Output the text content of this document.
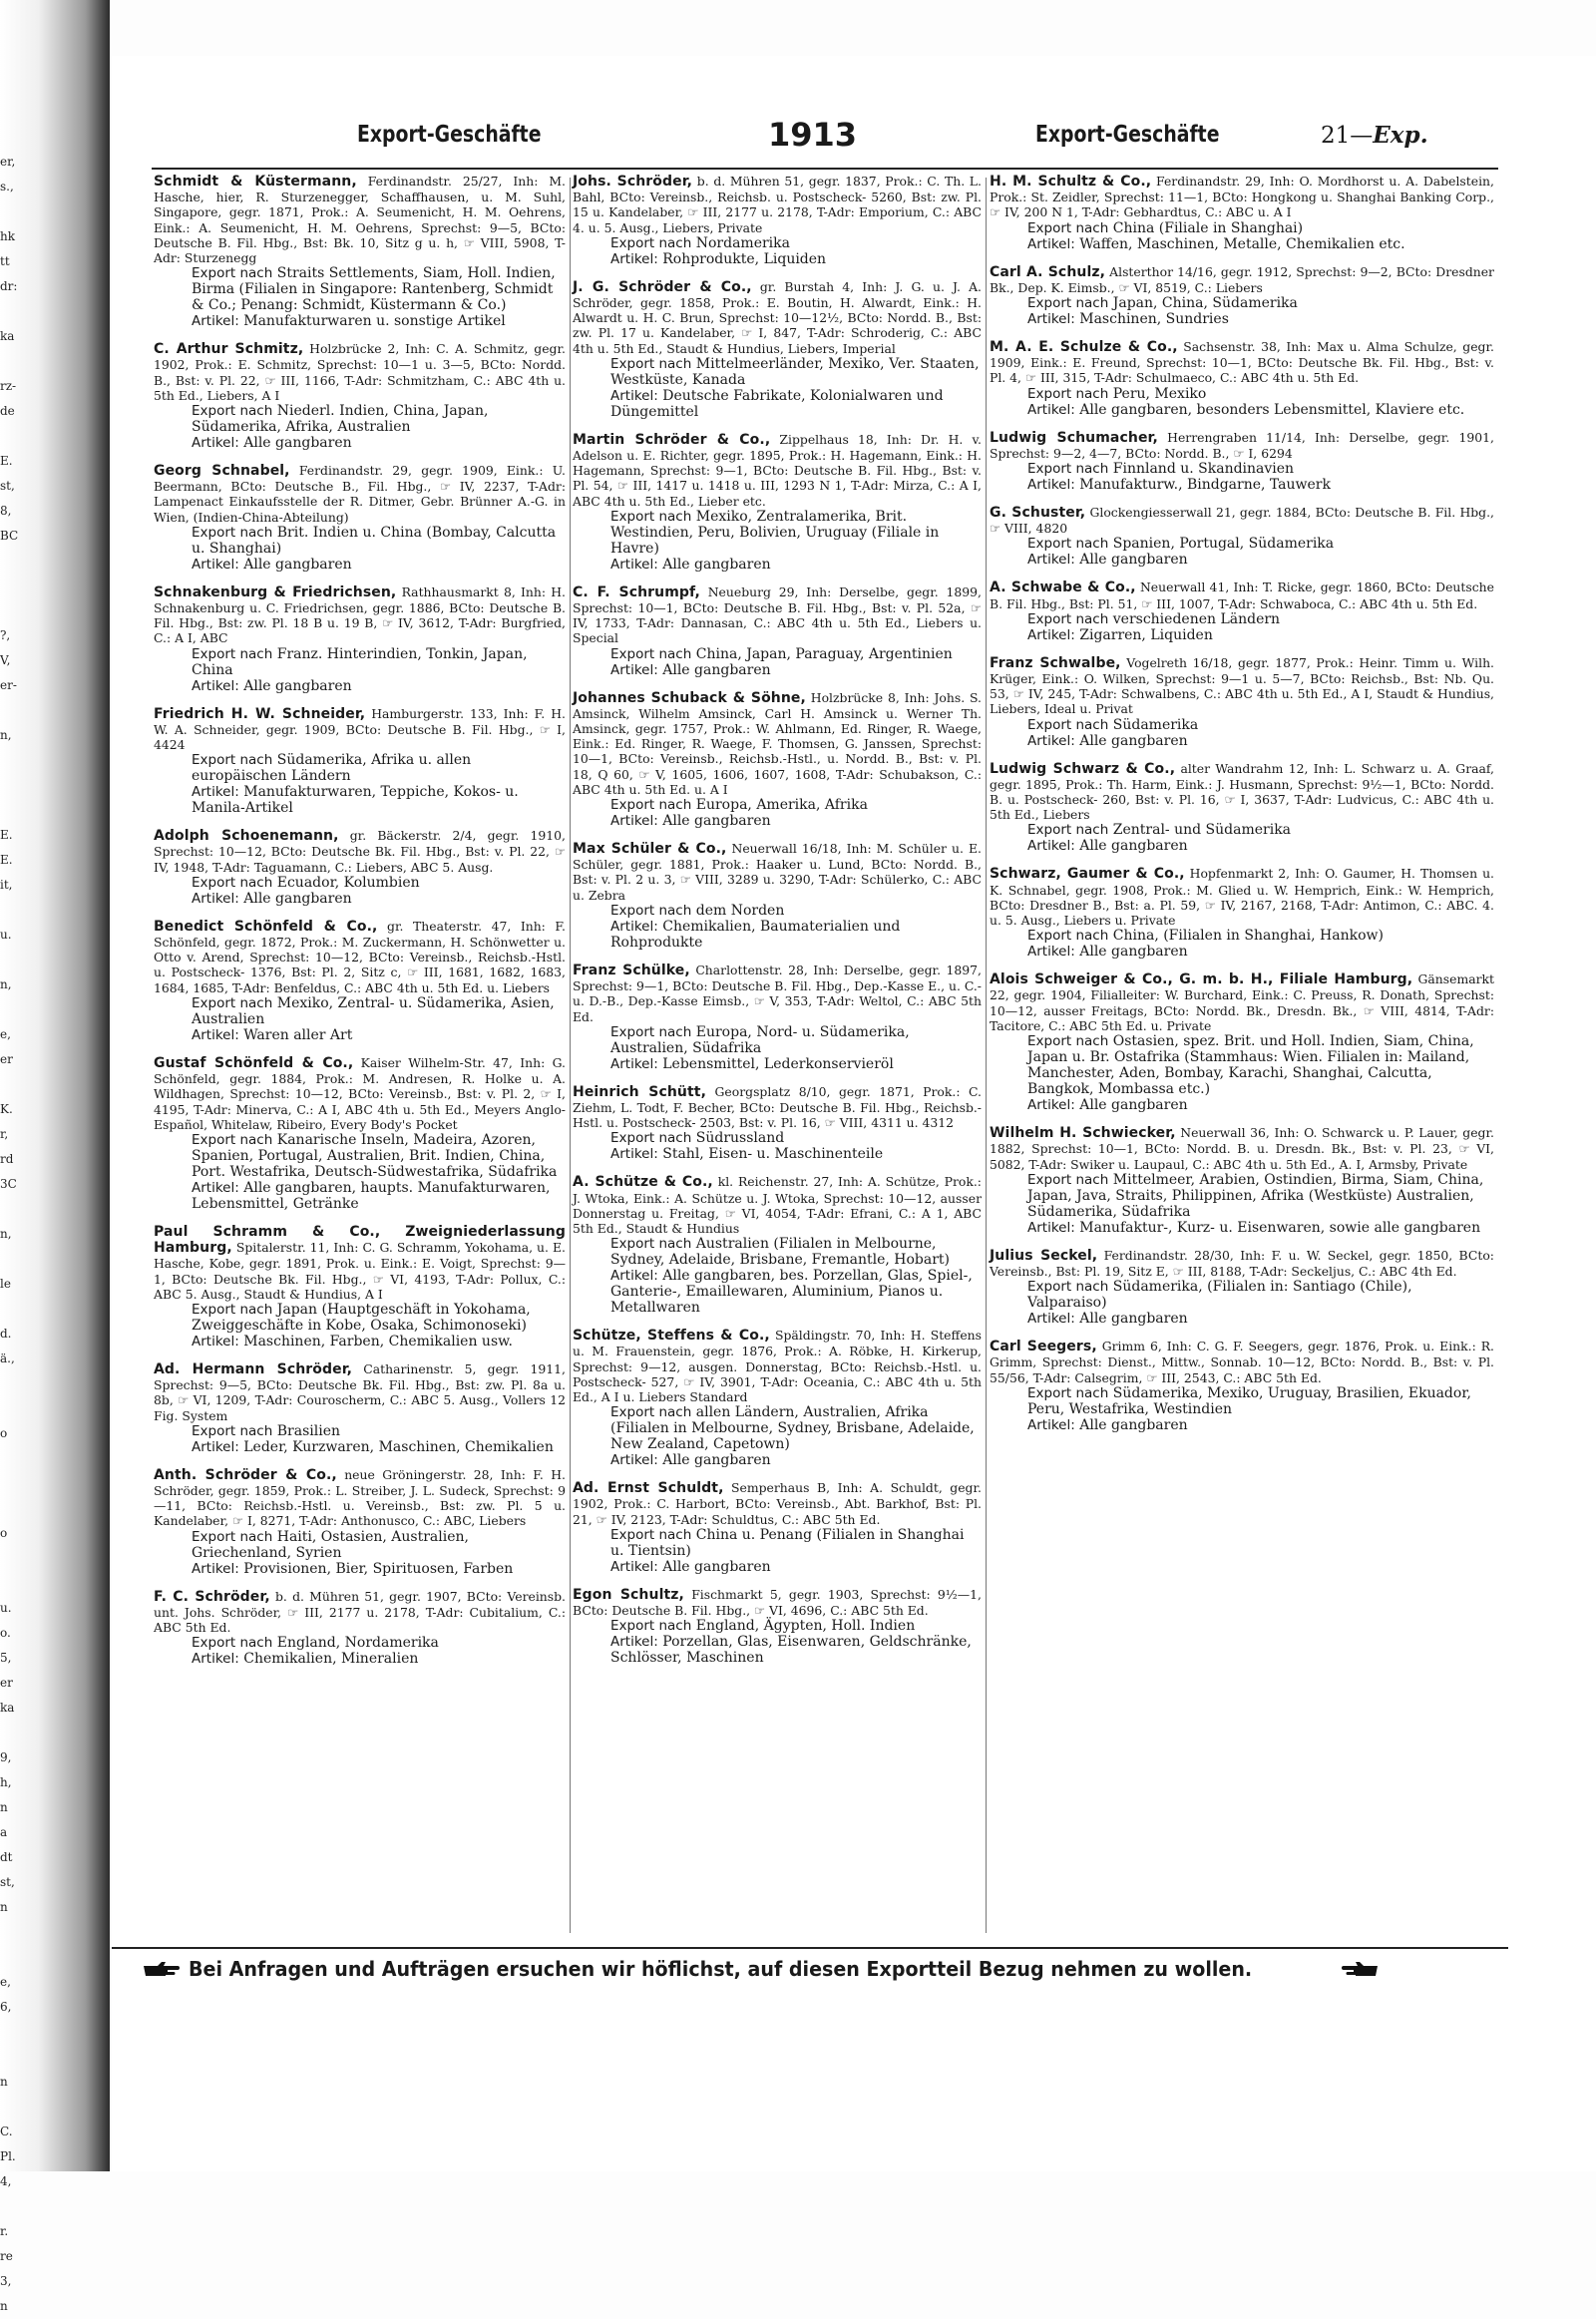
er,
s.,

hk
tt
dr:

ka

rz-
de

E.
st,
8,
BC

?,
V,
er-

n,

E.
E.
it,

u.

n,

e,
er

K.
r,
rd
3C

n,

le

d.
ä.,

o

o

u.
o.
5,
er
ka

9,
h,
n
a
dt
st,
n

e,
6,

n

C.
Pl.
4,

r.
re
3,
n
Export-Geschäfte	1913	Export-Geschäfte	21—Exp.

Schmidt & Küstermann, Ferdinandstr. 25/27, Inh: M. Hasche, hier, R. Sturzenegger, Schaffhausen, u. M. Suhl, Singapore, gegr. 1871, Prok.: A. Seumenicht, H. M. Oehrens, Eink.: A. Seumenicht, H. M. Oehrens, Sprechst: 9—5, BCto: Deutsche B. Fil. Hbg., Bst: Bk. 10, Sitz g u. h, ☞ VIII, 5908, T-Adr: Sturzenegg

Export nach Straits Settlements, Siam, Holl. Indien, Birma (Filialen in Singapore: Rantenberg, Schmidt & Co.; Penang: Schmidt, Küstermann & Co.)

Artikel: Manufakturwaren u. sonstige Artikel

C. Arthur Schmitz, Holzbrücke 2, Inh: C. A. Schmitz, gegr. 1902, Prok.: E. Schmitz, Sprechst: 10—1 u. 3—5, BCto: Nordd. B., Bst: v. Pl. 22, ☞ III, 1166, T-Adr: Schmitzham, C.: ABC 4th u. 5th Ed., Liebers, A I

Export nach Niederl. Indien, China, Japan, Südamerika, Afrika, Australien

Artikel: Alle gangbaren

Georg Schnabel, Ferdinandstr. 29, gegr. 1909, Eink.: U. Beermann, BCto: Deutsche B., Fil. Hbg., ☞ IV, 2237, T-Adr: Lampenact Einkaufsstelle der R. Ditmer, Gebr. Brünner A.-G. in Wien, (Indien-China-Abteilung)

Export nach Brit. Indien u. China (Bombay, Calcutta u. Shanghai)

Artikel: Alle gangbaren

Schnakenburg & Friedrichsen, Rathhausmarkt 8, Inh: H. Schnakenburg u. C. Friedrichsen, gegr. 1886, BCto: Deutsche B. Fil. Hbg., Bst: zw. Pl. 18 B u. 19 B, ☞ IV, 3612, T-Adr: Burgfried, C.: A I, ABC

Export nach Franz. Hinterindien, Tonkin, Japan, China

Artikel: Alle gangbaren

Friedrich H. W. Schneider, Hamburgerstr. 133, Inh: F. H. W. A. Schneider, gegr. 1909, BCto: Deutsche B. Fil. Hbg., ☞ I, 4424

Export nach Südamerika, Afrika u. allen europäischen Ländern

Artikel: Manufakturwaren, Teppiche, Kokos- u. Manila-Artikel

Adolph Schoenemann, gr. Bäckerstr. 2/4, gegr. 1910, Sprechst: 10—12, BCto: Deutsche Bk. Fil. Hbg., Bst: v. Pl. 22, ☞ IV, 1948, T-Adr: Taguamann, C.: Liebers, ABC 5. Ausg.

Export nach Ecuador, Kolumbien

Artikel: Alle gangbaren

Benedict Schönfeld & Co., gr. Theaterstr. 47, Inh: F. Schönfeld, gegr. 1872, Prok.: M. Zuckermann, H. Schönwetter u. Otto v. Arend, Sprechst: 10—12, BCto: Vereinsb., Reichsb.-Hstl. u. Postscheck- 1376, Bst: Pl. 2, Sitz c, ☞ III, 1681, 1682, 1683, 1684, 1685, T-Adr: Benfeldus, C.: ABC 4th u. 5th Ed. u. Liebers

Export nach Mexiko, Zentral- u. Südamerika, Asien, Australien

Artikel: Waren aller Art

Gustaf Schönfeld & Co., Kaiser Wilhelm-Str. 47, Inh: G. Schönfeld, gegr. 1884, Prok.: M. Andresen, R. Holke u. A. Wildhagen, Sprechst: 10—12, BCto: Vereinsb., Bst: v. Pl. 2, ☞ I, 4195, T-Adr: Minerva, C.: A I, ABC 4th u. 5th Ed., Meyers Anglo-Español, Whitelaw, Ribeiro, Every Body's Pocket

Export nach Kanarische Inseln, Madeira, Azoren, Spanien, Portugal, Australien, Brit. Indien, China, Port. Westafrika, Deutsch-Südwestafrika, Südafrika

Artikel: Alle gangbaren, haupts. Manufakturwaren, Lebensmittel, Getränke

Paul Schramm & Co., Zweigniederlassung Hamburg, Spitalerstr. 11, Inh: C. G. Schramm, Yokohama, u. E. Hasche, Kobe, gegr. 1891, Prok. u. Eink.: E. Voigt, Sprechst: 9—1, BCto: Deutsche Bk. Fil. Hbg., ☞ VI, 4193, T-Adr: Pollux, C.: ABC 5. Ausg., Staudt & Hundius, A I

Export nach Japan (Hauptgeschäft in Yokohama, Zweiggeschäfte in Kobe, Osaka, Schimonoseki)

Artikel: Maschinen, Farben, Chemikalien usw.

Ad. Hermann Schröder, Catharinenstr. 5, gegr. 1911, Sprechst: 9—5, BCto: Deutsche Bk. Fil. Hbg., Bst: zw. Pl. 8a u. 8b, ☞ VI, 1209, T-Adr: Couroscherm, C.: ABC 5. Ausg., Vollers 12 Fig. System

Export nach Brasilien

Artikel: Leder, Kurzwaren, Maschinen, Chemikalien

Anth. Schröder & Co., neue Gröningerstr. 28, Inh: F. H. Schröder, gegr. 1859, Prok.: L. Streiber, J. L. Sudeck, Sprechst: 9—11, BCto: Reichsb.-Hstl. u. Vereinsb., Bst: zw. Pl. 5 u. Kandelaber, ☞ I, 8271, T-Adr: Anthonusco, C.: ABC, Liebers

Export nach Haiti, Ostasien, Australien, Griechenland, Syrien

Artikel: Provisionen, Bier, Spirituosen, Farben

F. C. Schröder, b. d. Mühren 51, gegr. 1907, BCto: Vereinsb. unt. Johs. Schröder, ☞ III, 2177 u. 2178, T-Adr: Cubitalium, C.: ABC 5th Ed.

Export nach England, Nordamerika

Artikel: Chemikalien, Mineralien

Johs. Schröder, b. d. Mühren 51, gegr. 1837, Prok.: C. Th. L. Bahl, BCto: Vereinsb., Reichsb. u. Postscheck- 5260, Bst: zw. Pl. 15 u. Kandelaber, ☞ III, 2177 u. 2178, T-Adr: Emporium, C.: ABC 4. u. 5. Ausg., Liebers, Private

Export nach Nordamerika

Artikel: Rohprodukte, Liquiden

J. G. Schröder & Co., gr. Burstah 4, Inh: J. G. u. J. A. Schröder, gegr. 1858, Prok.: E. Boutin, H. Alwardt, Eink.: H. Alwardt u. H. C. Brun, Sprechst: 10—12½, BCto: Nordd. B., Bst: zw. Pl. 17 u. Kandelaber, ☞ I, 847, T-Adr: Schroderig, C.: ABC 4th u. 5th Ed., Staudt & Hundius, Liebers, Imperial

Export nach Mittelmeerländer, Mexiko, Ver. Staaten, Westküste, Kanada

Artikel: Deutsche Fabrikate, Kolonialwaren und Düngemittel

Martin Schröder & Co., Zippelhaus 18, Inh: Dr. H. v. Adelson u. E. Richter, gegr. 1895, Prok.: H. Hagemann, Eink.: H. Hagemann, Sprechst: 9—1, BCto: Deutsche B. Fil. Hbg., Bst: v. Pl. 54, ☞ III, 1417 u. 1418 u. III, 1293 N 1, T-Adr: Mirza, C.: A I, ABC 4th u. 5th Ed., Lieber etc.

Export nach Mexiko, Zentralamerika, Brit. Westindien, Peru, Bolivien, Uruguay (Filiale in Havre)

Artikel: Alle gangbaren

C. F. Schrumpf, Neueburg 29, Inh: Derselbe, gegr. 1899, Sprechst: 10—1, BCto: Deutsche B. Fil. Hbg., Bst: v. Pl. 52a, ☞ IV, 1733, T-Adr: Dannasan, C.: ABC 4th u. 5th Ed., Liebers u. Special

Export nach China, Japan, Paraguay, Argentinien

Artikel: Alle gangbaren

Johannes Schuback & Söhne, Holzbrücke 8, Inh: Johs. S. Amsinck, Wilhelm Amsinck, Carl H. Amsinck u. Werner Th. Amsinck, gegr. 1757, Prok.: W. Ahlmann, Ed. Ringer, R. Waege, Eink.: Ed. Ringer, R. Waege, F. Thomsen, G. Janssen, Sprechst: 10—1, BCto: Vereinsb., Reichsb.-Hstl., u. Nordd. B., Bst: v. Pl. 18, Q 60, ☞ V, 1605, 1606, 1607, 1608, T-Adr: Schubakson, C.: ABC 4th u. 5th Ed. u. A I

Export nach Europa, Amerika, Afrika

Artikel: Alle gangbaren

Max Schüler & Co., Neuerwall 16/18, Inh: M. Schüler u. E. Schüler, gegr. 1881, Prok.: Haaker u. Lund, BCto: Nordd. B., Bst: v. Pl. 2 u. 3, ☞ VIII, 3289 u. 3290, T-Adr: Schülerko, C.: ABC u. Zebra

Export nach dem Norden

Artikel: Chemikalien, Baumaterialien und Rohprodukte

Franz Schülke, Charlottenstr. 28, Inh: Derselbe, gegr. 1897, Sprechst: 9—1, BCto: Deutsche B. Fil. Hbg., Dep.-Kasse E., u. C.- u. D.-B., Dep.-Kasse Eimsb., ☞ V, 353, T-Adr: Weltol, C.: ABC 5th Ed.

Export nach Europa, Nord- u. Südamerika, Australien, Südafrika

Artikel: Lebensmittel, Lederkonservieröl

Heinrich Schütt, Georgsplatz 8/10, gegr. 1871, Prok.: C. Ziehm, L. Todt, F. Becher, BCto: Deutsche B. Fil. Hbg., Reichsb.-Hstl. u. Postscheck- 2503, Bst: v. Pl. 16, ☞ VIII, 4311 u. 4312

Export nach Südrussland

Artikel: Stahl, Eisen- u. Maschinenteile

A. Schütze & Co., kl. Reichenstr. 27, Inh: A. Schütze, Prok.: J. Wtoka, Eink.: A. Schütze u. J. Wtoka, Sprechst: 10—12, ausser Donnerstag u. Freitag, ☞ VI, 4054, T-Adr: Efrani, C.: A 1, ABC 5th Ed., Staudt & Hundius

Export nach Australien (Filialen in Melbourne, Sydney, Adelaide, Brisbane, Fremantle, Hobart)

Artikel: Alle gangbaren, bes. Porzellan, Glas, Spiel-, Ganterie-, Emaillewaren, Aluminium, Pianos u. Metallwaren

Schütze, Steffens & Co., Späldingstr. 70, Inh: H. Steffens u. M. Frauenstein, gegr. 1876, Prok.: A. Röbke, H. Kirkerup, Sprechst: 9—12, ausgen. Donnerstag, BCto: Reichsb.-Hstl. u. Postscheck- 527, ☞ IV, 3901, T-Adr: Oceania, C.: ABC 4th u. 5th Ed., A I u. Liebers Standard

Export nach allen Ländern, Australien, Afrika (Filialen in Melbourne, Sydney, Brisbane, Adelaide, New Zealand, Capetown)

Artikel: Alle gangbaren

Ad. Ernst Schuldt, Semperhaus B, Inh: A. Schuldt, gegr. 1902, Prok.: C. Harbort, BCto: Vereinsb., Abt. Barkhof, Bst: Pl. 21, ☞ IV, 2123, T-Adr: Schuldtus, C.: ABC 5th Ed.

Export nach China u. Penang (Filialen in Shanghai u. Tientsin)

Artikel: Alle gangbaren

Egon Schultz, Fischmarkt 5, gegr. 1903, Sprechst: 9½—1, BCto: Deutsche B. Fil. Hbg., ☞ VI, 4696, C.: ABC 5th Ed.

Export nach England, Ägypten, Holl. Indien

Artikel: Porzellan, Glas, Eisenwaren, Geldschränke, Schlösser, Maschinen

H. M. Schultz & Co., Ferdinandstr. 29, Inh: O. Mordhorst u. A. Dabelstein, Prok.: St. Zeidler, Sprechst: 11—1, BCto: Hongkong u. Shanghai Banking Corp., ☞ IV, 200 N 1, T-Adr: Gebhardtus, C.: ABC u. A I

Export nach China (Filiale in Shanghai)

Artikel: Waffen, Maschinen, Metalle, Chemikalien etc.

Carl A. Schulz, Alsterthor 14/16, gegr. 1912, Sprechst: 9—2, BCto: Dresdner Bk., Dep. K. Eimsb., ☞ VI, 8519, C.: Liebers

Export nach Japan, China, Südamerika

Artikel: Maschinen, Sundries

M. A. E. Schulze & Co., Sachsenstr. 38, Inh: Max u. Alma Schulze, gegr. 1909, Eink.: E. Freund, Sprechst: 10—1, BCto: Deutsche Bk. Fil. Hbg., Bst: v. Pl. 4, ☞ III, 315, T-Adr: Schulmaeco, C.: ABC 4th u. 5th Ed.

Export nach Peru, Mexiko

Artikel: Alle gangbaren, besonders Lebensmittel, Klaviere etc.

Ludwig Schumacher, Herrengraben 11/14, Inh: Derselbe, gegr. 1901, Sprechst: 9—2, 4—7, BCto: Nordd. B., ☞ I, 6294

Export nach Finnland u. Skandinavien

Artikel: Manufakturw., Bindgarne, Tauwerk

G. Schuster, Glockengiesserwall 21, gegr. 1884, BCto: Deutsche B. Fil. Hbg., ☞ VIII, 4820

Export nach Spanien, Portugal, Südamerika

Artikel: Alle gangbaren

A. Schwabe & Co., Neuerwall 41, Inh: T. Ricke, gegr. 1860, BCto: Deutsche B. Fil. Hbg., Bst: Pl. 51, ☞ III, 1007, T-Adr: Schwaboca, C.: ABC 4th u. 5th Ed.

Export nach verschiedenen Ländern

Artikel: Zigarren, Liquiden

Franz Schwalbe, Vogelreth 16/18, gegr. 1877, Prok.: Heinr. Timm u. Wilh. Krüger, Eink.: O. Wilken, Sprechst: 9—1 u. 5—7, BCto: Reichsb., Bst: Nb. Qu. 53, ☞ IV, 245, T-Adr: Schwalbens, C.: ABC 4th u. 5th Ed., A I, Staudt & Hundius, Liebers, Ideal u. Privat

Export nach Südamerika

Artikel: Alle gangbaren

Ludwig Schwarz & Co., alter Wandrahm 12, Inh: L. Schwarz u. A. Graaf, gegr. 1895, Prok.: Th. Harm, Eink.: J. Husmann, Sprechst: 9½—1, BCto: Nordd. B. u. Postscheck- 260, Bst: v. Pl. 16, ☞ I, 3637, T-Adr: Ludvicus, C.: ABC 4th u. 5th Ed., Liebers

Export nach Zentral- und Südamerika

Artikel: Alle gangbaren

Schwarz, Gaumer & Co., Hopfenmarkt 2, Inh: O. Gaumer, H. Thomsen u. K. Schnabel, gegr. 1908, Prok.: M. Glied u. W. Hemprich, Eink.: W. Hemprich, BCto: Dresdner B., Bst: a. Pl. 59, ☞ IV, 2167, 2168, T-Adr: Antimon, C.: ABC. 4. u. 5. Ausg., Liebers u. Private

Export nach China, (Filialen in Shanghai, Hankow)

Artikel: Alle gangbaren

Alois Schweiger & Co., G. m. b. H., Filiale Hamburg, Gänsemarkt 22, gegr. 1904, Filialleiter: W. Burchard, Eink.: C. Preuss, R. Donath, Sprechst: 10—12, ausser Freitags, BCto: Nordd. Bk., Dresdn. Bk., ☞ VIII, 4814, T-Adr: Tacitore, C.: ABC 5th Ed. u. Private

Export nach Ostasien, spez. Brit. und Holl. Indien, Siam, China, Japan u. Br. Ostafrika (Stammhaus: Wien. Filialen in: Mailand, Manchester, Aden, Bombay, Karachi, Shanghai, Calcutta, Bangkok, Mombassa etc.)

Artikel: Alle gangbaren

Wilhelm H. Schwiecker, Neuerwall 36, Inh: O. Schwarck u. P. Lauer, gegr. 1882, Sprechst: 10—1, BCto: Nordd. B. u. Dresdn. Bk., Bst: v. Pl. 23, ☞ VI, 5082, T-Adr: Swiker u. Laupaul, C.: ABC 4th u. 5th Ed., A. I, Armsby, Private

Export nach Mittelmeer, Arabien, Ostindien, Birma, Siam, China, Japan, Java, Straits, Philippinen, Afrika (Westküste) Australien, Südamerika, Südafrika

Artikel: Manufaktur-, Kurz- u. Eisenwaren, sowie alle gangbaren

Julius Seckel, Ferdinandstr. 28/30, Inh: F. u. W. Seckel, gegr. 1850, BCto: Vereinsb., Bst: Pl. 19, Sitz E, ☞ III, 8188, T-Adr: Seckeljus, C.: ABC 4th Ed.

Export nach Südamerika, (Filialen in: Santiago (Chile), Valparaiso)

Artikel: Alle gangbaren

Carl Seegers, Grimm 6, Inh: C. G. F. Seegers, gegr. 1876, Prok. u. Eink.: R. Grimm, Sprechst: Dienst., Mittw., Sonnab. 10—12, BCto: Nordd. B., Bst: v. Pl. 55/56, T-Adr: Calsegrim, ☞ III, 2543, C.: ABC 5th Ed.

Export nach Südamerika, Mexiko, Uruguay, Brasilien, Ekuador, Peru, Westafrika, Westindien

Artikel: Alle gangbaren

Bei Anfragen und Aufträgen ersuchen wir höflichst, auf diesen Exportteil Bezug nehmen zu wollen.
